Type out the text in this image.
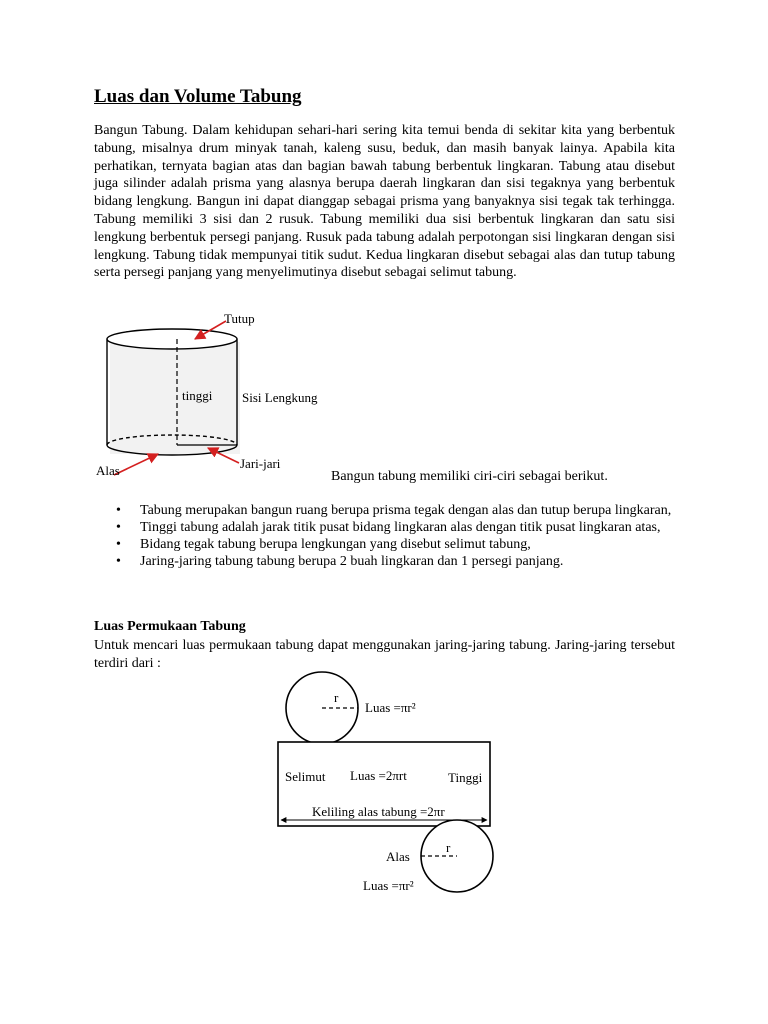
Luas dan Volume Tabung

Bangun Tabung. Dalam kehidupan sehari-hari sering kita temui benda di sekitar kita yang berbentuk tabung, misalnya drum minyak tanah, kaleng susu, beduk, dan masih banyak lainya. Apabila kita perhatikan, ternyata bagian atas dan bagian bawah tabung berbentuk lingkaran. Tabung atau disebut juga silinder adalah prisma yang alasnya berupa daerah lingkaran dan sisi tegaknya yang berbentuk bidang lengkung. Bangun ini dapat dianggap sebagai prisma yang banyaknya sisi tegak tak terhingga. Tabung memiliki 3 sisi dan 2 rusuk. Tabung memiliki dua sisi berbentuk lingkaran dan satu sisi lengkung berbentuk persegi panjang. Rusuk pada tabung adalah perpotongan sisi lingkaran dengan sisi lengkung. Tabung tidak mempunyai titik sudut. Kedua lingkaran disebut sebagai alas dan tutup tabung serta persegi panjang yang menyelimutinya disebut sebagai selimut tabung.

• Tabung merupakan bangun ruang berupa prisma tegak dengan alas dan tutup berupa lingkaran,
• Tinggi tabung adalah jarak titik pusat bidang lingkaran alas dengan titik pusat lingkaran atas,
• Bidang tegak tabung berupa lengkungan yang disebut selimut tabung,
• Jaring-jaring tabung tabung berupa 2 buah lingkaran dan 1 persegi panjang.
Luas Permukaan Tabung

Untuk mencari luas permukaan tabung dapat menggunakan jaring-jaring tabung. Jaring-jaring tersebut terdiri dari :

Tutup
tinggi Sisi Lengkung
Alas	Jari-jari
Bangun tabung memiliki ciri-ciri sebagai berikut.
r
Luas =πr²
Selimut Luas =2πrt	Tinggi
Keliling alas tabung =2πr
r
Alas
Luas =πr²
